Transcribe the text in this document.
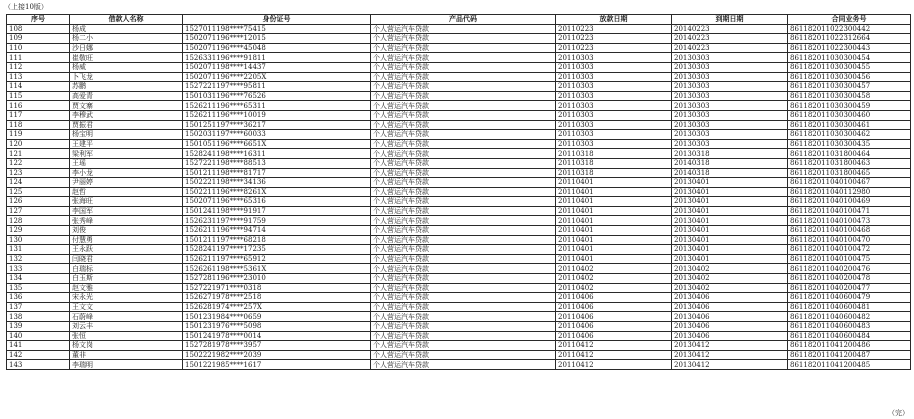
（上接10版）
序号	借款人名称	身份证号	产品代码	放款日期	到期日期	合同业务号
108	杨成	1527011198****75415	个人营运汽车贷款	20110223	20140223	861182011022300442
109	杨二小	1502071196****12015	个人营运汽车贷款	20110223	20140223	861182011022312664
110	沙日娜	1502071196****45048	个人营运汽车贷款	20110223	20140223	861182011022300443
111	崔敬旺	1526331196****91811	个人营运汽车贷款	20110303	20130303	861182011030300454
112	杨威	1502071198****14437	个人营运汽车贷款	20110303	20130303	861182011030300455
113	卜飞龙	1502071196****2205X	个人营运汽车贷款	20110303	20130303	861182011030300456
114	苏鹏	1527221197****95811	个人营运汽车贷款	20110303	20130303	861182011030300457
115	高爱青	1501031196****76526	个人营运汽车贷款	20110303	20130303	861182011030300458
116	贾文寨	1526211196****65311	个人营运汽车贷款	20110303	20130303	861182011030300459
117	李穆武	1526211196****10019	个人营运汽车贷款	20110303	20130303	861182011030300460
118	贾振君	1501251197****36217	个人营运汽车贷款	20110303	20130303	861182011030300461
119	杨宝明	1502031197****60033	个人营运汽车贷款	20110303	20130303	861182011030300462
120	王建平	1501051196****6651X	个人营运汽车贷款	20110303	20130303	861182011030300435
121	梁利军	1528241198****16311	个人营运汽车贷款	20110318	20130318	861182011031800464
122	王瑶	1527221198****88513	个人营运汽车贷款	20110318	20140318	861182011031800463
123	李小龙	1501211198****81717	个人营运汽车贷款	20110318	20140318	861182011031800465
124	尹丽婷	1502221198****34136	个人营运汽车贷款	20110401	20130401	861182011040100467
125	赵哲	1502211196****8261X	个人营运汽车贷款	20110401	20130401	861182011040112980
126	张海旺	1502071196****65316	个人营运汽车贷款	20110401	20130401	861182011040100469
127	李国军	1501241198****91917	个人营运汽车贷款	20110401	20130401	861182011040100471
128	张秀峰	1526231197****91759	个人营运汽车贷款	20110401	20130401	861182011040100473
129	刘俊	1526211196****94714	个人营运汽车贷款	20110401	20130401	861182011040100468
130	付慧勇	1501211197****68218	个人营运汽车贷款	20110401	20130401	861182011040100470
131	王永跃	1528241197****17235	个人营运汽车贷款	20110401	20130401	861182011040100472
132	闫晓君	1526211197****65912	个人营运汽车贷款	20110401	20130401	861182011040100475
133	白瑞标	1526261198****5361X	个人营运汽车贷款	20110402	20130402	861182011040200476
134	白玉斯	1527281196****23010	个人营运汽车贷款	20110402	20130402	861182011040200478
135	赵文雅	1527221971****0318	个人营运汽车贷款	20110402	20130402	861182011040200477
136	宋永光	1526271978****2518	个人营运汽车贷款	20110406	20130406	861182011040600479
137	王文文	1526281974****257X	个人营运汽车贷款	20110406	20130406	861182011040600481
138	石蔚峰	1501231984****0659	个人营运汽车贷款	20110406	20130406	861182011040600482
139	刘云丰	1501231976****5098	个人营运汽车贷款	20110406	20130406	861182011040600483
140	张恒	1501241978****0014	个人营运汽车贷款	20110406	20130406	861182011040600484
141	杨文岗	1527281978****3957	个人营运汽车贷款	20110412	20130412	861182011041200486
142	董非	1502221982****2039	个人营运汽车贷款	20110412	20130412	861182011041200487
143	李瑞明	1501221985****1617	个人营运汽车贷款	20110412	20130412	861182011041200485
（完）
